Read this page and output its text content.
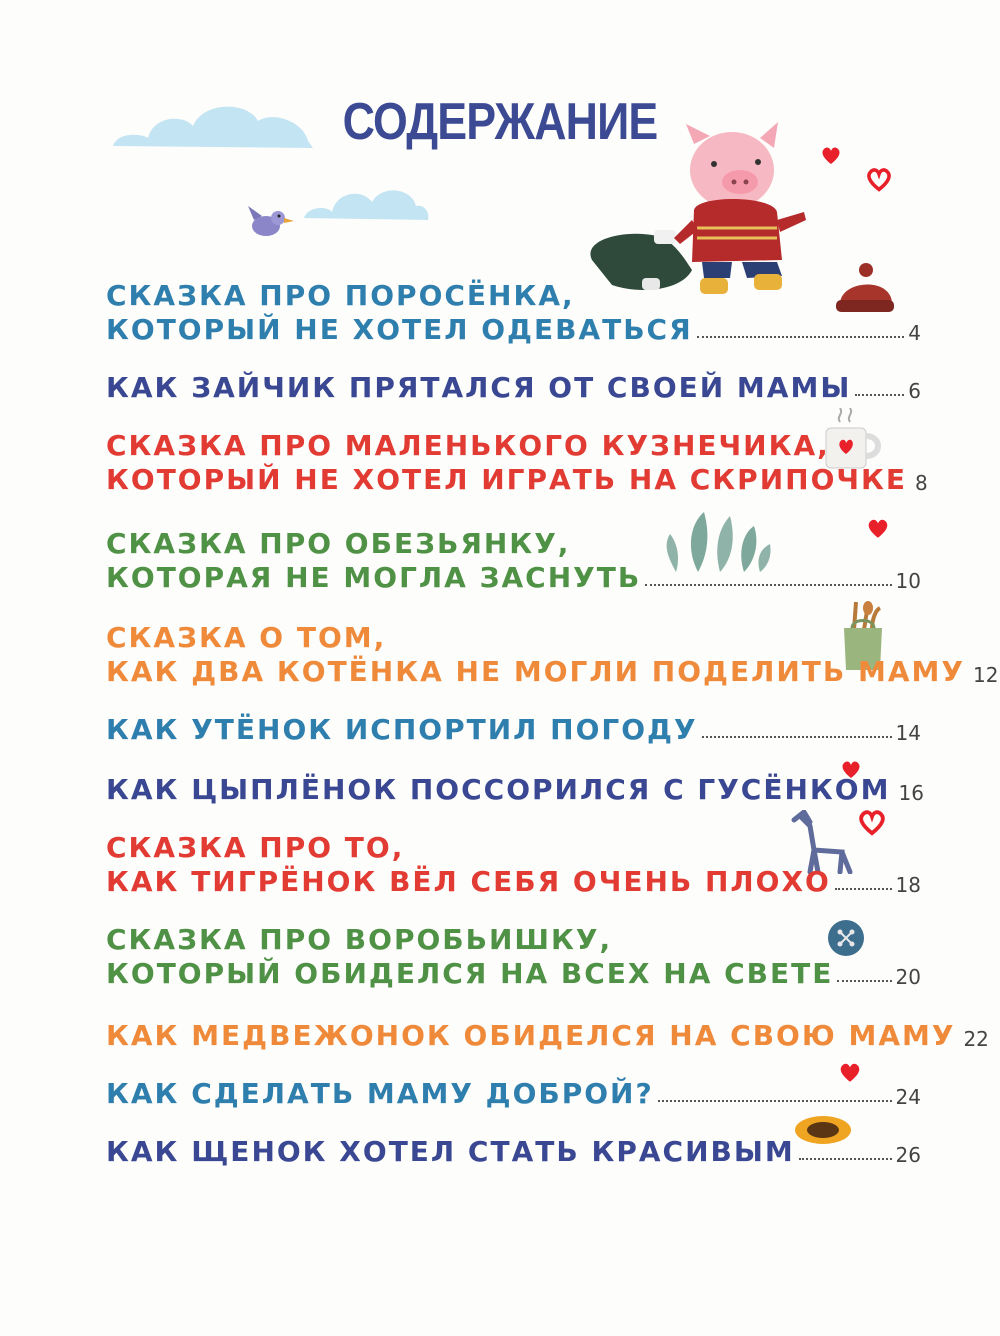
СОДЕРЖАНИЕ
СКАЗКА ПРО ПОРОСЁНКА,
КОТОРЫЙ НЕ ХОТЕЛ ОДЕВАТЬСЯ	4
КАК ЗАЙЧИК ПРЯТАЛСЯ ОТ СВОЕЙ МАМЫ	6
СКАЗКА ПРО МАЛЕНЬКОГО КУЗНЕЧИКА,
КОТОРЫЙ НЕ ХОТЕЛ ИГРАТЬ НА СКРИПОЧКЕ 8
СКАЗКА ПРО ОБЕЗЬЯНКУ,
КОТОРАЯ НЕ МОГЛА ЗАСНУТЬ	10
СКАЗКА О ТОМ,
КАК ДВА КОТЁНКА НЕ МОГЛИ ПОДЕЛИТЬ МАМУ 12
КАК УТЁНОК ИСПОРТИЛ ПОГОДУ	14
КАК ЦЫПЛЁНОК ПОССОРИЛСЯ С ГУСЁНКОМ 16
СКАЗКА ПРО ТО,
КАК ТИГРЁНОК ВЁЛ СЕБЯ ОЧЕНЬ ПЛОХО	18
СКАЗКА ПРО ВОРОБЬИШКУ,
КОТОРЫЙ ОБИДЕЛСЯ НА ВСЕХ НА СВЕТЕ	20
КАК МЕДВЕЖОНОК ОБИДЕЛСЯ НА СВОЮ МАМУ 22
КАК СДЕЛАТЬ МАМУ ДОБРОЙ?	24
КАК ЩЕНОК ХОТЕЛ СТАТЬ КРАСИВЫМ	26
